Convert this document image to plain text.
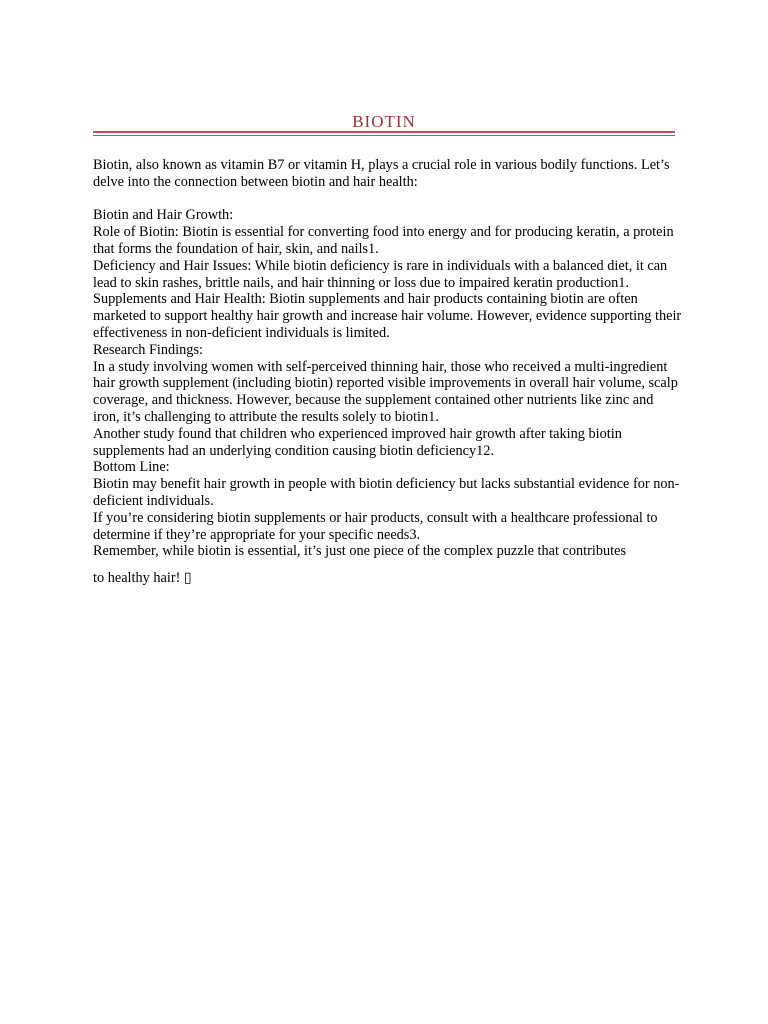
BIOTIN

Biotin, also known as vitamin B7 or vitamin H, plays a crucial role in various bodily functions. Let’s delve into the connection between biotin and hair health:

Biotin and Hair Growth:

Role of Biotin: Biotin is essential for converting food into energy and for producing keratin, a protein that forms the foundation of hair, skin, and nails1.

Deficiency and Hair Issues: While biotin deficiency is rare in individuals with a balanced diet, it can lead to skin rashes, brittle nails, and hair thinning or loss due to impaired keratin production1.

Supplements and Hair Health: Biotin supplements and hair products containing biotin are often marketed to support healthy hair growth and increase hair volume. However, evidence supporting their effectiveness in non-deficient individuals is limited.

Research Findings:

In a study involving women with self-perceived thinning hair, those who received a multi-ingredient hair growth supplement (including biotin) reported visible improvements in overall hair volume, scalp coverage, and thickness. However, because the supplement contained other nutrients like zinc and iron, it’s challenging to attribute the results solely to biotin1.

Another study found that children who experienced improved hair growth after taking biotin supplements had an underlying condition causing biotin deficiency12.

Bottom Line:

Biotin may benefit hair growth in people with biotin deficiency but lacks substantial evidence for non-deficient individuals.

If you’re considering biotin supplements or hair products, consult with a healthcare professional to determine if they’re appropriate for your specific needs3.

Remember, while biotin is essential, it’s just one piece of the complex puzzle that contributes

to healthy hair! ▯
